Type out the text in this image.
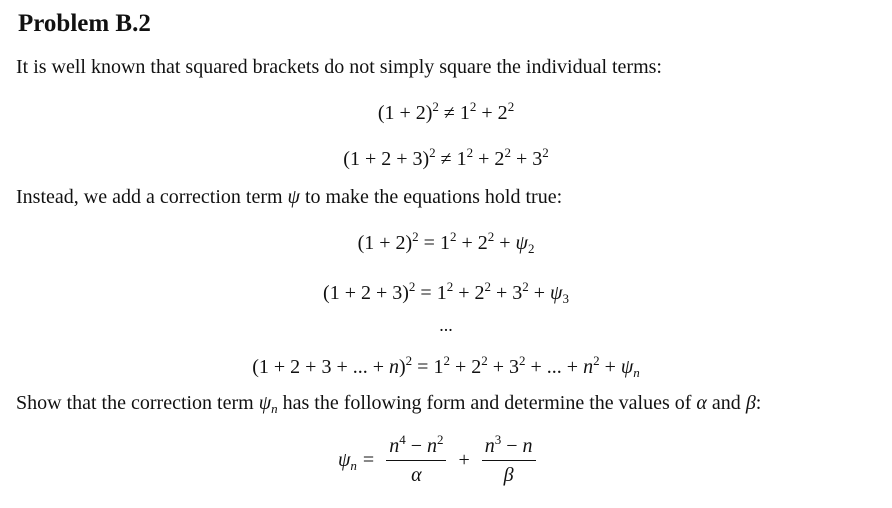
Problem B.2
It is well known that squared brackets do not simply square the individual terms:
$(1 + 2)^2 \ne 1^2 + 2^2$
$(1 + 2 + 3)^2 \ne 1^2 + 2^2 + 3^2$
Instead, we add a correction term ψ to make the equations hold true:
$(1 + 2)^2 = 1^2 + 2^2 + \psi_2$
$(1 + 2 + 3)^2 = 1^2 + 2^2 + 3^2 + \psi_3$
...
(1 + 2 + 3 + ... + $n)^2 = 1^2 + 2^2 + 3^2$ + ... + $n^2 + \psi_n$
Show that the correction term $\psi_n$ has the following form and determine the values of α and β:
$\psi_n = \frac{n^4 - n^2}{\alpha} + \frac{n^3 - n}{\beta}$
